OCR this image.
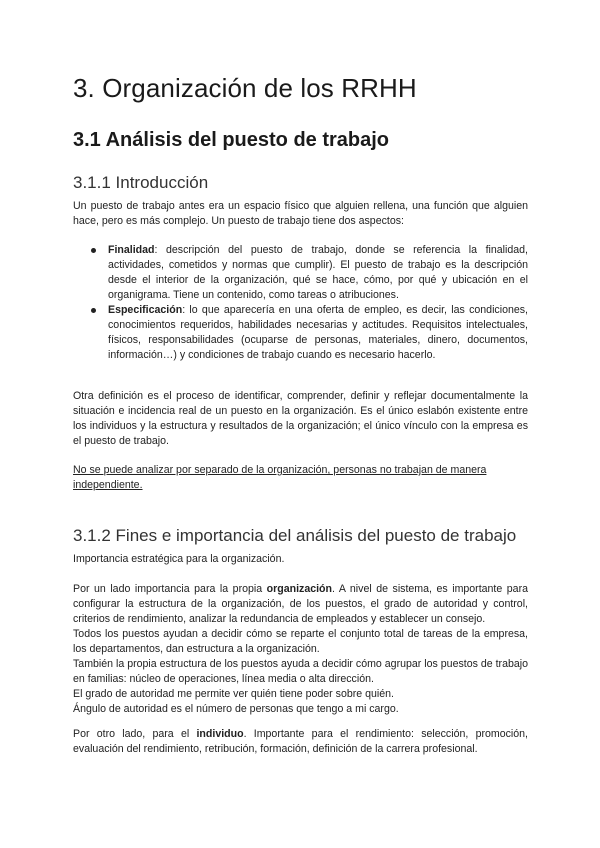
3. Organización de los RRHH
3.1 Análisis del puesto de trabajo
3.1.1 Introducción

Un puesto de trabajo antes era un espacio físico que alguien rellena, una función que alguien hace, pero es más complejo. Un puesto de trabajo tiene dos aspectos:

Finalidad: descripción del puesto de trabajo, donde se referencia la finalidad, actividades, cometidos y normas que cumplir). El puesto de trabajo es la descripción desde el interior de la organización, qué se hace, cómo, por qué y ubicación en el organigrama. Tiene un contenido, como tareas o atribuciones.
Especificación: lo que aparecería en una oferta de empleo, es decir, las condiciones, conocimientos requeridos, habilidades necesarias y actitudes. Requisitos intelectuales, físicos, responsabilidades (ocuparse de personas, materiales, dinero, documentos, información…) y condiciones de trabajo cuando es necesario hacerlo.

Otra definición es el proceso de identificar, comprender, definir y reflejar documentalmente la situación e incidencia real de un puesto en la organización. Es el único eslabón existente entre los individuos y la estructura y resultados de la organización; el único vínculo con la empresa es el puesto de trabajo.

No se puede analizar por separado de la organización, personas no trabajan de manera independiente.

3.1.2 Fines e importancia del análisis del puesto de trabajo

Importancia estratégica para la organización.

Por un lado importancia para la propia organización. A nivel de sistema, es importante para configurar la estructura de la organización, de los puestos, el grado de autoridad y control, criterios de rendimiento, analizar la redundancia de empleados y establecer un consejo.
Todos los puestos ayudan a decidir cómo se reparte el conjunto total de tareas de la empresa, los departamentos, dan estructura a la organización.
También la propia estructura de los puestos ayuda a decidir cómo agrupar los puestos de trabajo en familias: núcleo de operaciones, línea media o alta dirección.
El grado de autoridad me permite ver quién tiene poder sobre quién.
Ángulo de autoridad es el número de personas que tengo a mi cargo.

Por otro lado, para el individuo. Importante para el rendimiento: selección, promoción, evaluación del rendimiento, retribución, formación, definición de la carrera profesional.
